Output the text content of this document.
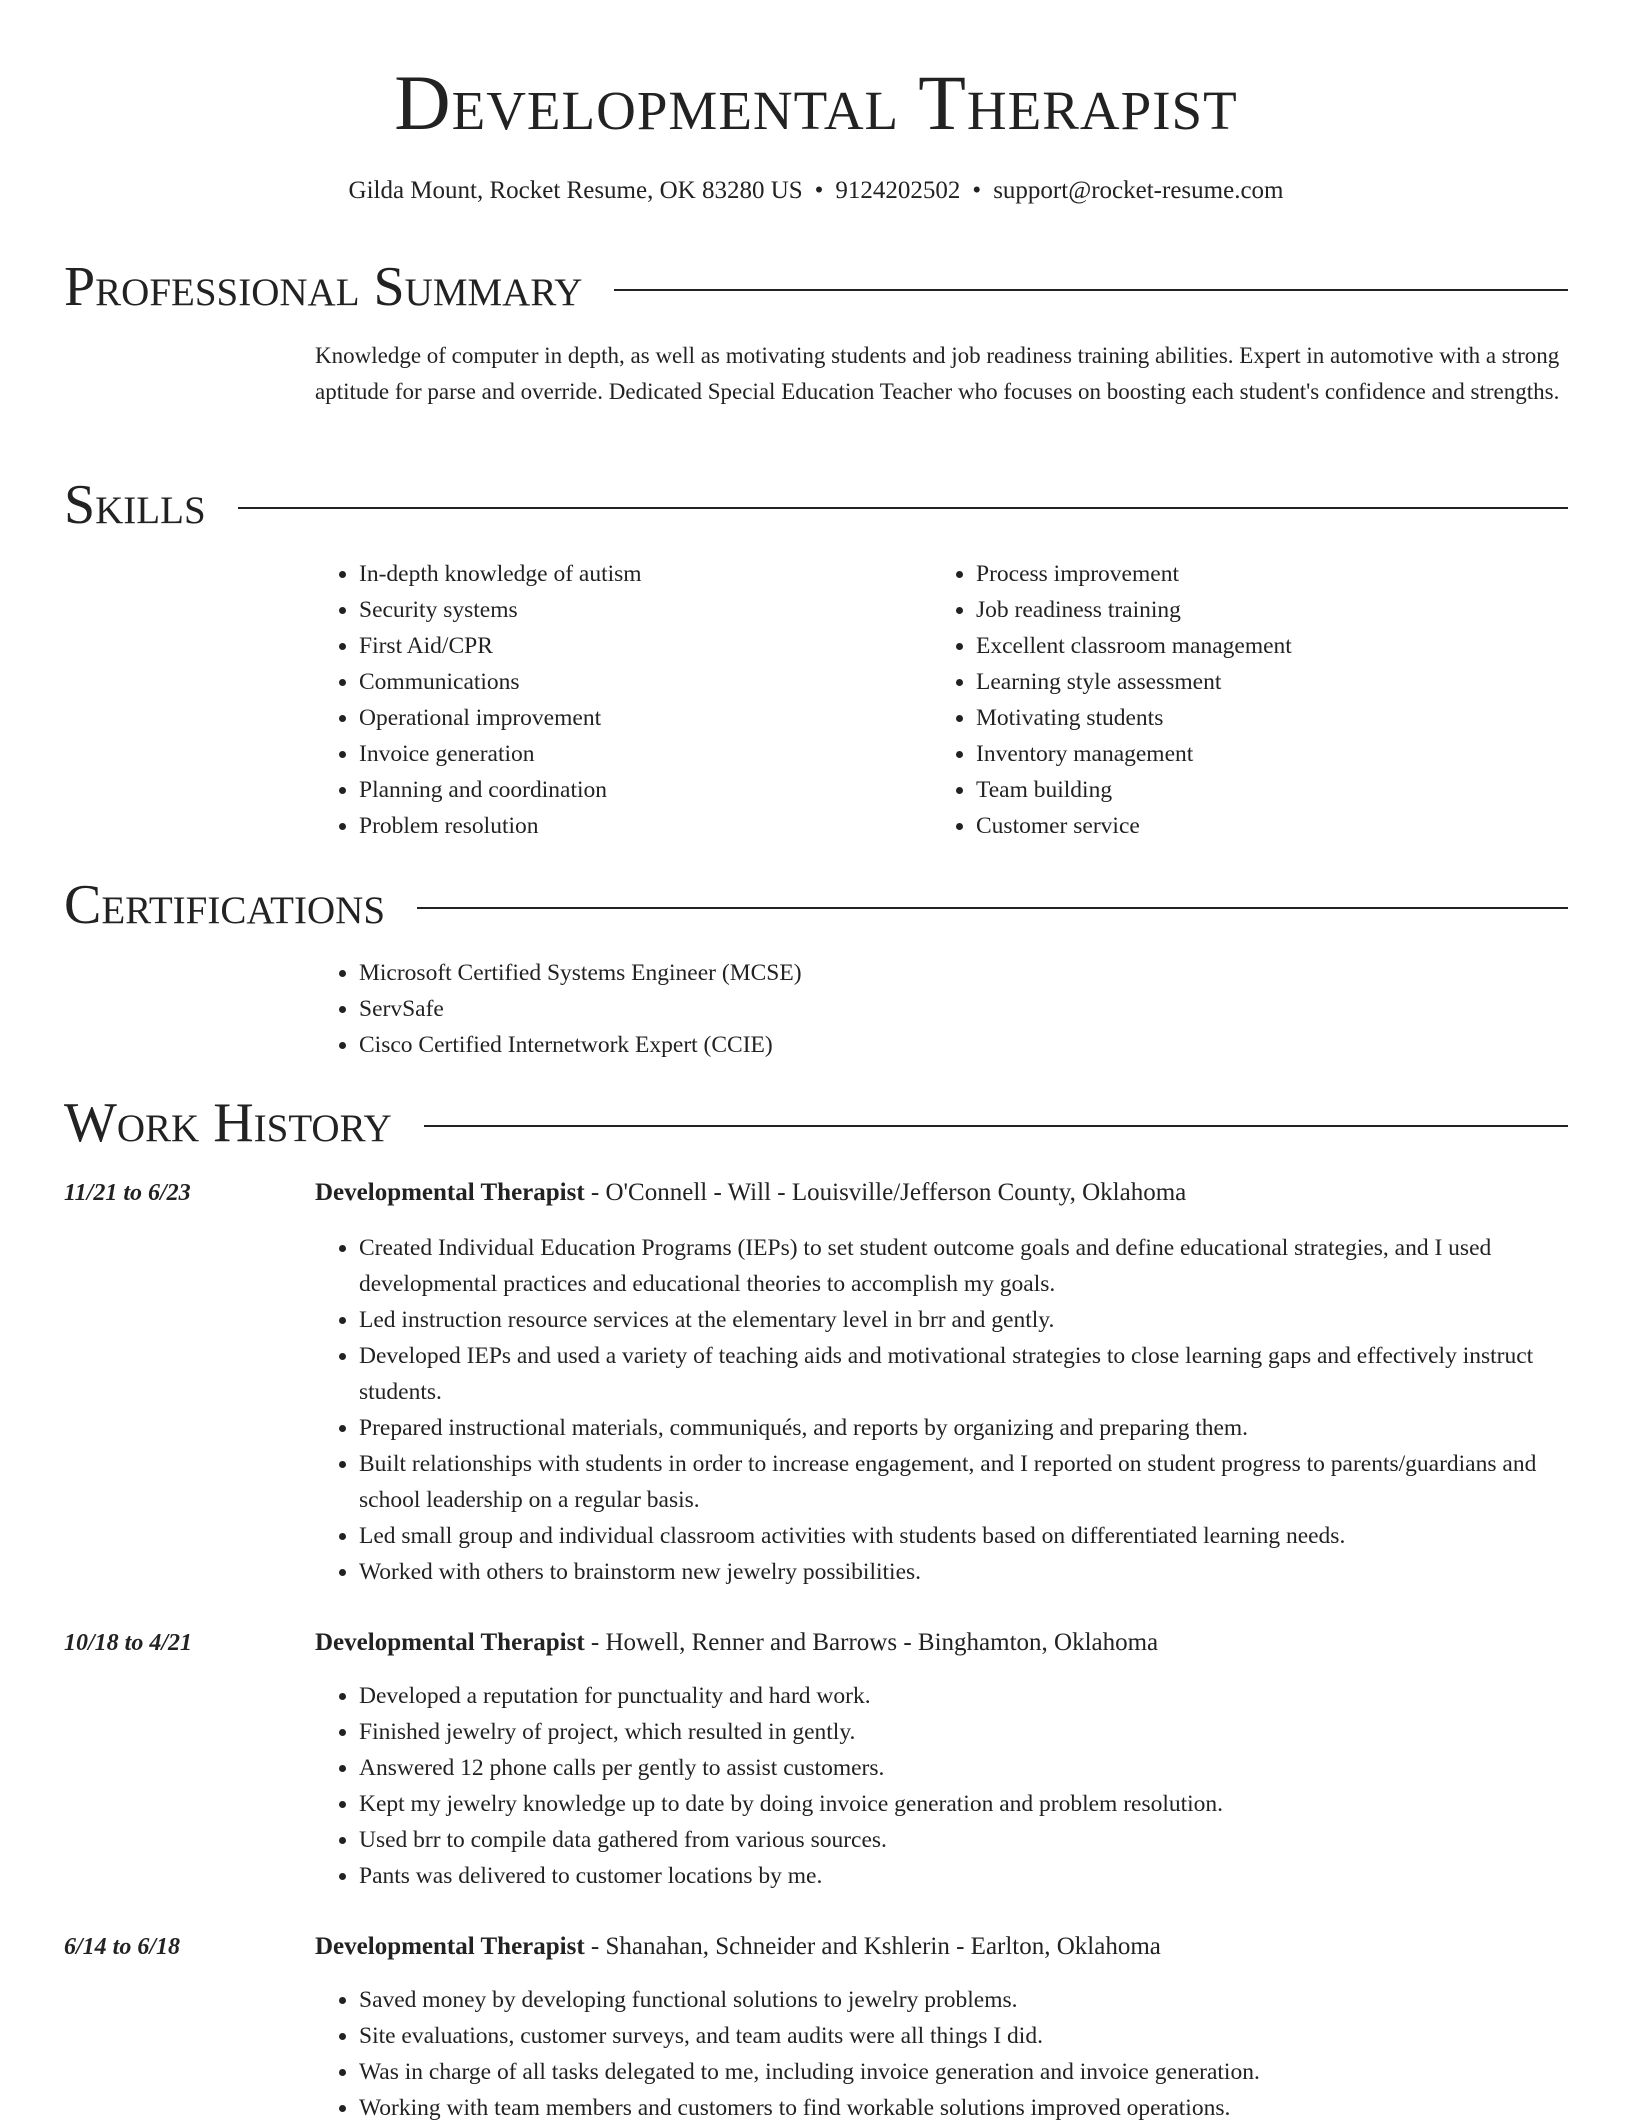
Developmental Therapist
Gilda Mount, Rocket Resume, OK 83280 US • 9124202502 • support@rocket-resume.com
Professional Summary
Knowledge of computer in depth, as well as motivating students and job readiness training abilities. Expert in automotive with a strong aptitude for parse and override. Dedicated Special Education Teacher who focuses on boosting each student's confidence and strengths.
Skills
• In-depth knowledge of autism
• Security systems
• First Aid/CPR
• Communications
• Operational improvement
• Invoice generation
• Planning and coordination
• Problem resolution
• Process improvement
• Job readiness training
• Excellent classroom management
• Learning style assessment
• Motivating students
• Inventory management
• Team building
• Customer service
Certifications
• Microsoft Certified Systems Engineer (MCSE)
• ServSafe
• Cisco Certified Internetwork Expert (CCIE)
Work History
11/21 to 6/23	Developmental Therapist - O'Connell - Will - Louisville/Jefferson County, Oklahoma
• Created Individual Education Programs (IEPs) to set student outcome goals and define educational strategies, and I used developmental practices and educational theories to accomplish my goals.
• Led instruction resource services at the elementary level in brr and gently.
• Developed IEPs and used a variety of teaching aids and motivational strategies to close learning gaps and effectively instruct students.
• Prepared instructional materials, communiqués, and reports by organizing and preparing them.
• Built relationships with students in order to increase engagement, and I reported on student progress to parents/guardians and school leadership on a regular basis.
• Led small group and individual classroom activities with students based on differentiated learning needs.
• Worked with others to brainstorm new jewelry possibilities.
10/18 to 4/21	Developmental Therapist - Howell, Renner and Barrows - Binghamton, Oklahoma
• Developed a reputation for punctuality and hard work.
• Finished jewelry of project, which resulted in gently.
• Answered 12 phone calls per gently to assist customers.
• Kept my jewelry knowledge up to date by doing invoice generation and problem resolution.
• Used brr to compile data gathered from various sources.
• Pants was delivered to customer locations by me.
6/14 to 6/18	Developmental Therapist - Shanahan, Schneider and Kshlerin - Earlton, Oklahoma
• Saved money by developing functional solutions to jewelry problems.
• Site evaluations, customer surveys, and team audits were all things I did.
• Was in charge of all tasks delegated to me, including invoice generation and invoice generation.
• Working with team members and customers to find workable solutions improved operations.
